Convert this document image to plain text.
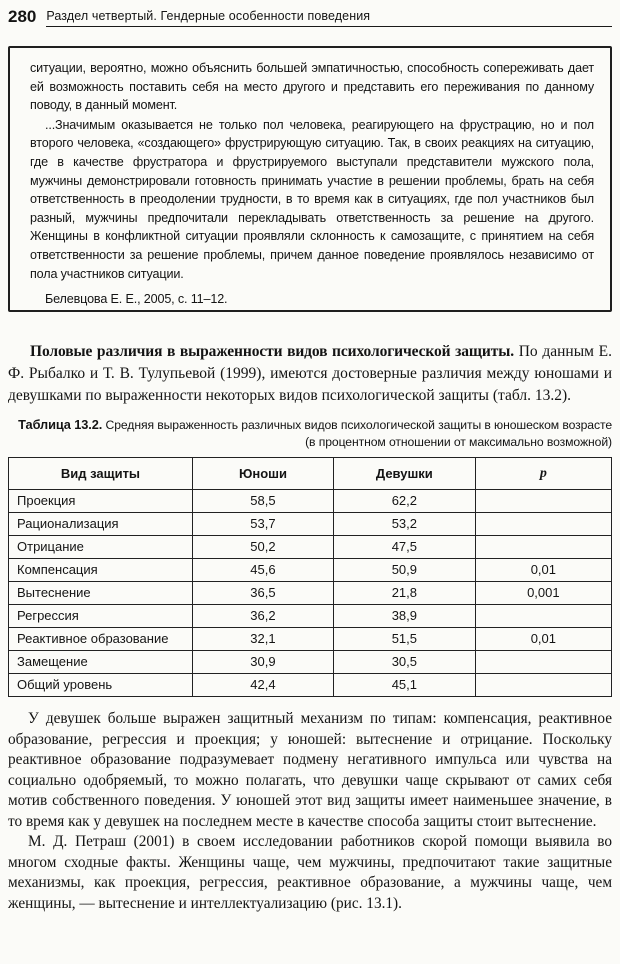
280 Раздел четвертый. Гендерные особенности поведения

ситуации, вероятно, можно объяснить большей эмпатичностью, способность сопереживать дает ей возможность поставить себя на место другого и представить его переживания по данному поводу, в данный момент.

...Значимым оказывается не только пол человека, реагирующего на фрустрацию, но и пол второго человека, «создающего» фрустрирующую ситуацию. Так, в своих реакциях на ситуацию, где в качестве фрустратора и фрустрируемого выступали представители мужского пола, мужчины демонстрировали готовность принимать участие в решении проблемы, брать на себя ответственность в преодолении трудности, в то время как в ситуациях, где пол участников был разный, мужчины предпочитали перекладывать ответственность за решение на другого. Женщины в конфликтной ситуации проявляли склонность к самозащите, с принятием на себя ответственности за решение проблемы, причем данное поведение проявлялось независимо от пола участников ситуации.

Белевцова Е. Е., 2005, с. 11–12.

Половые различия в выраженности видов психологической защиты. По данным Е. Ф. Рыбалко и Т. В. Тулупьевой (1999), имеются достоверные различия между юношами и девушками по выраженности некоторых видов психологической защиты (табл. 13.2).

Таблица 13.2. Средняя выраженность различных видов психологической защиты в юношеском возрасте
(в процентном отношении от максимально возможной)
Вид защиты	Юноши	Девушки	p
Проекция	58,5	62,2	
Рационализация	53,7	53,2	
Отрицание	50,2	47,5	
Компенсация	45,6	50,9	0,01
Вытеснение	36,5	21,8	0,001
Регрессия	36,2	38,9	
Реактивное образование	32,1	51,5	0,01
Замещение	30,9	30,5	
Общий уровень	42,4	45,1	

У девушек больше выражен защитный механизм по типам: компенсация, реактивное образование, регрессия и проекция; у юношей: вытеснение и отрицание. Поскольку реактивное образование подразумевает подмену негативного импульса или чувства на социально одобряемый, то можно полагать, что девушки чаще скрывают от самих себя мотив собственного поведения. У юношей этот вид защиты имеет наименьшее значение, в то время как у девушек на последнем месте в качестве способа защиты стоит вытеснение.

М. Д. Петраш (2001) в своем исследовании работников скорой помощи выявила во многом сходные факты. Женщины чаще, чем мужчины, предпочитают такие защитные механизмы, как проекция, регрессия, реактивное образование, а мужчины чаще, чем женщины, — вытеснение и интеллектуализацию (рис. 13.1).
